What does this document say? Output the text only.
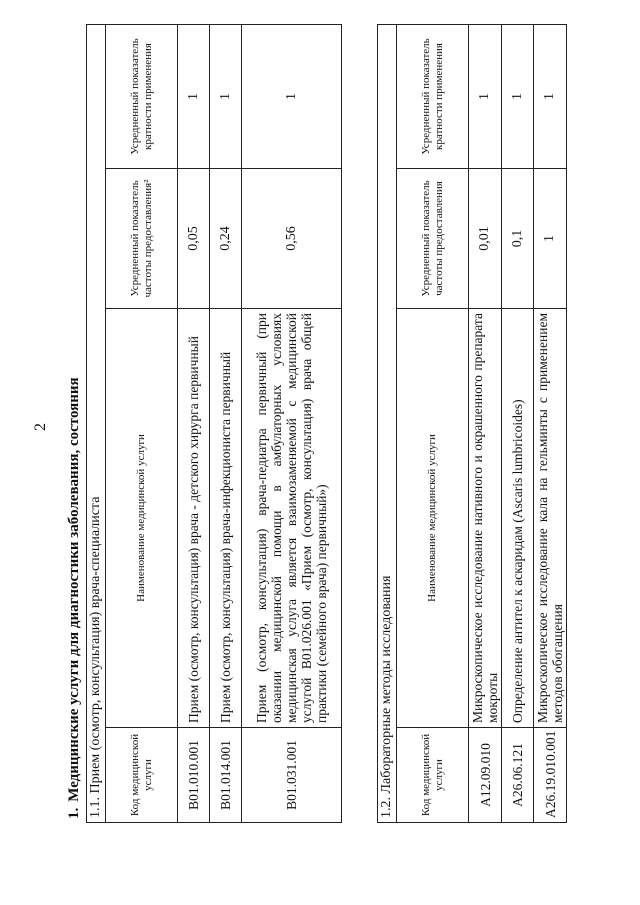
2
1.Медицинские услуги для диагностики заболевания, состояния 1.1. Прием (осмотр, консультация) врача-специалиста			
Код медицинской услуги	Наименование медицинской услуги	Усредненный показатель частоты предоставления²	Усредненный показатель кратности применения
B01.010.001	Прием (осмотр, консультация) врача - детского хирурга первичный	0,05	1
B01.014.001	Прием (осмотр, консультация) врача-инфекциониста первичный	0,24	1
B01.031.001	Прием (осмотр, консультация) врача-педиатра первичный (при оказании медицинской помощи в амбулаторных условиях медицинская услуга является взаимозаменяемой с медицинской услугой B01.026.001 «Прием (осмотр, консультация) врача общей практики (семейного врача) первичный»)	0,56	1
1.2. Лабораторные методы исследования			
Код медицинской услуги	Наименование медицинской услуги	Усредненный показатель частоты предоставления	Усредненный показатель кратности применения
A12.09.010	Микроскопическое исследование нативного и окрашенного препарата мокроты	0,01	1
A26.06.121	Определение антител к аскаридам (Ascaris lumbricoides)	0,1	1
A26.19.010.001	Микроскопическое исследование кала на гельминты с применением методов обогащения	1	1
